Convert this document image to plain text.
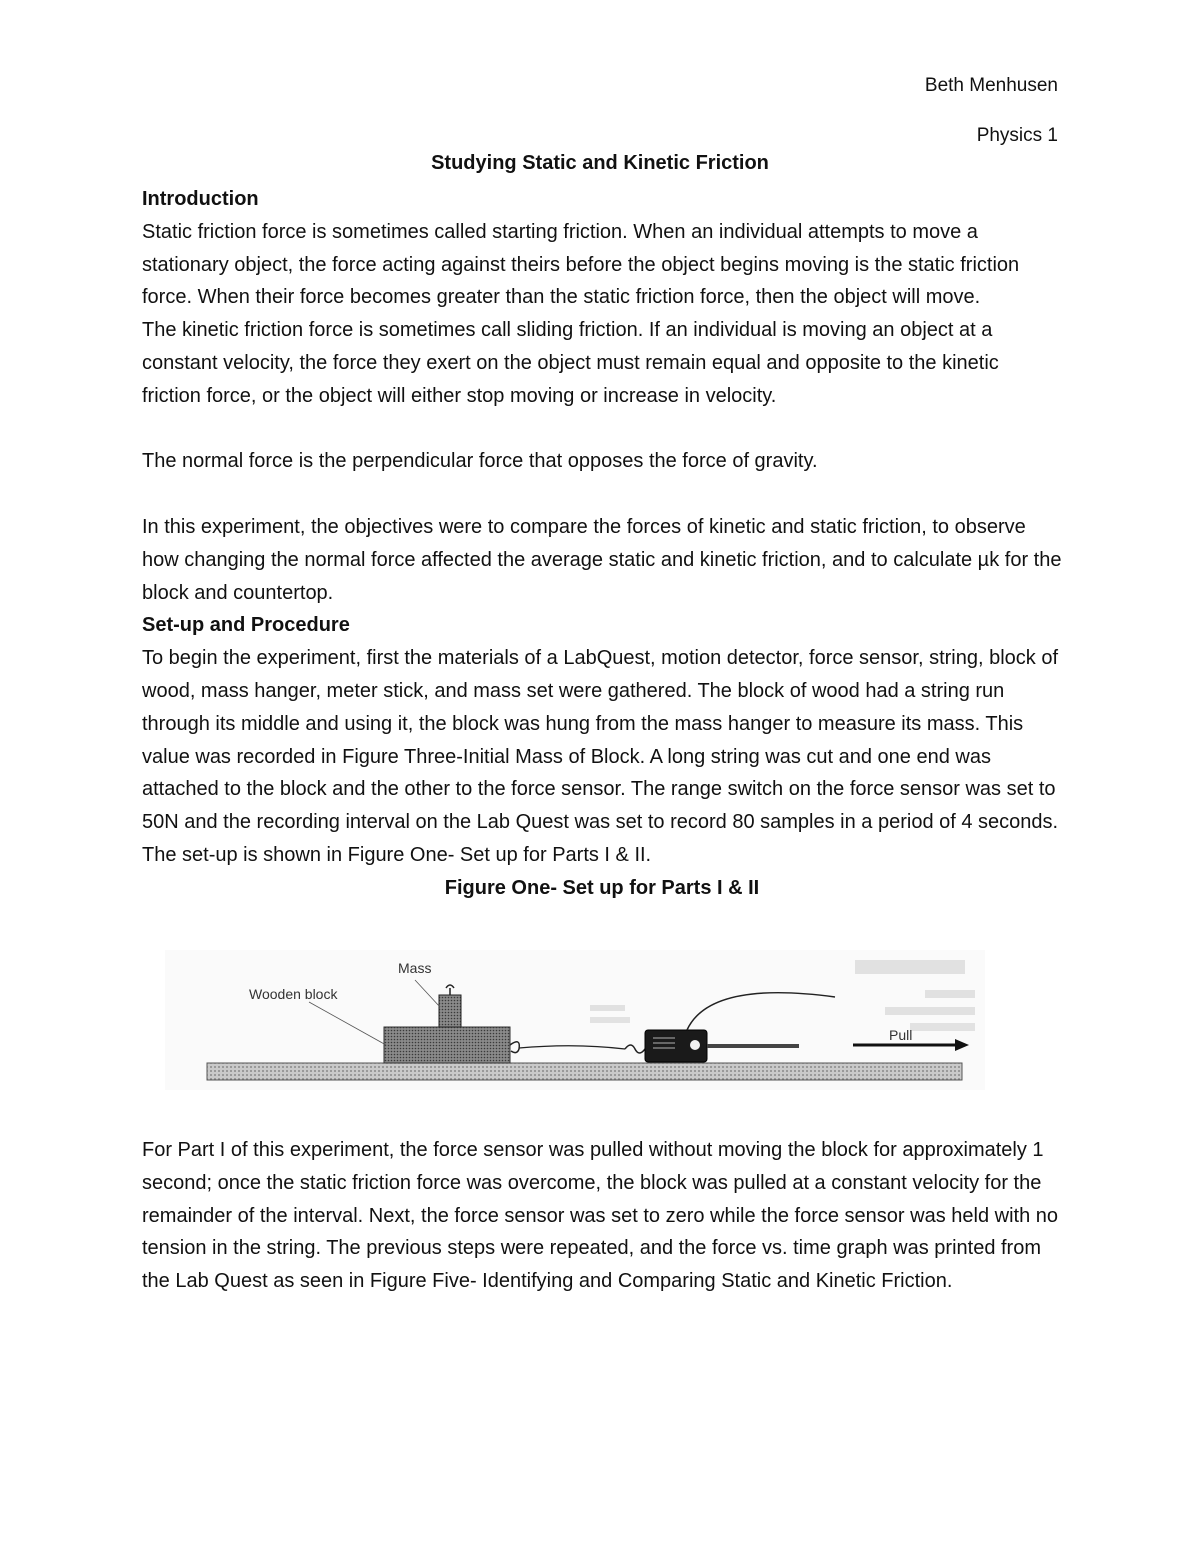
Beth Menhusen
Physics 1
Studying Static and Kinetic Friction

Introduction

Static friction force is sometimes called starting friction. When an individual attempts to move a stationary object, the force acting against theirs before the object begins moving is the static friction force. When their force becomes greater than the static friction force, then the object will move.

The kinetic friction force is sometimes call sliding friction. If an individual is moving an object at a constant velocity, the force they exert on the object must remain equal and opposite to the kinetic friction force, or the object will either stop moving or increase in velocity.

The normal force is the perpendicular force that opposes the force of gravity.

In this experiment, the objectives were to compare the forces of kinetic and static friction, to observe how changing the normal force affected the average static and kinetic friction, and to calculate µk for the block and countertop.

Set-up and Procedure

To begin the experiment, first the materials of a LabQuest, motion detector, force sensor, string, block of wood, mass hanger, meter stick, and mass set were gathered. The block of wood had a string run through its middle and using it, the block was hung from the mass hanger to measure its mass. This value was recorded in Figure Three-Initial Mass of Block. A long string was cut and one end was attached to the block and the other to the force sensor. The range switch on the force sensor was set to 50N and the recording interval on the Lab Quest was set to record 80 samples in a period of 4 seconds. The set-up is shown in Figure One- Set up for Parts I & II.

Figure One- Set up for Parts I & II

Mass
Wooden block
Pull

For Part I of this experiment, the force sensor was pulled without moving the block for approximately 1 second; once the static friction force was overcome, the block was pulled at a constant velocity for the remainder of the interval. Next, the force sensor was set to zero while the force sensor was held with no tension in the string. The previous steps were repeated, and the force vs. time graph was printed from the Lab Quest as seen in Figure Five- Identifying and Comparing Static and Kinetic Friction.
